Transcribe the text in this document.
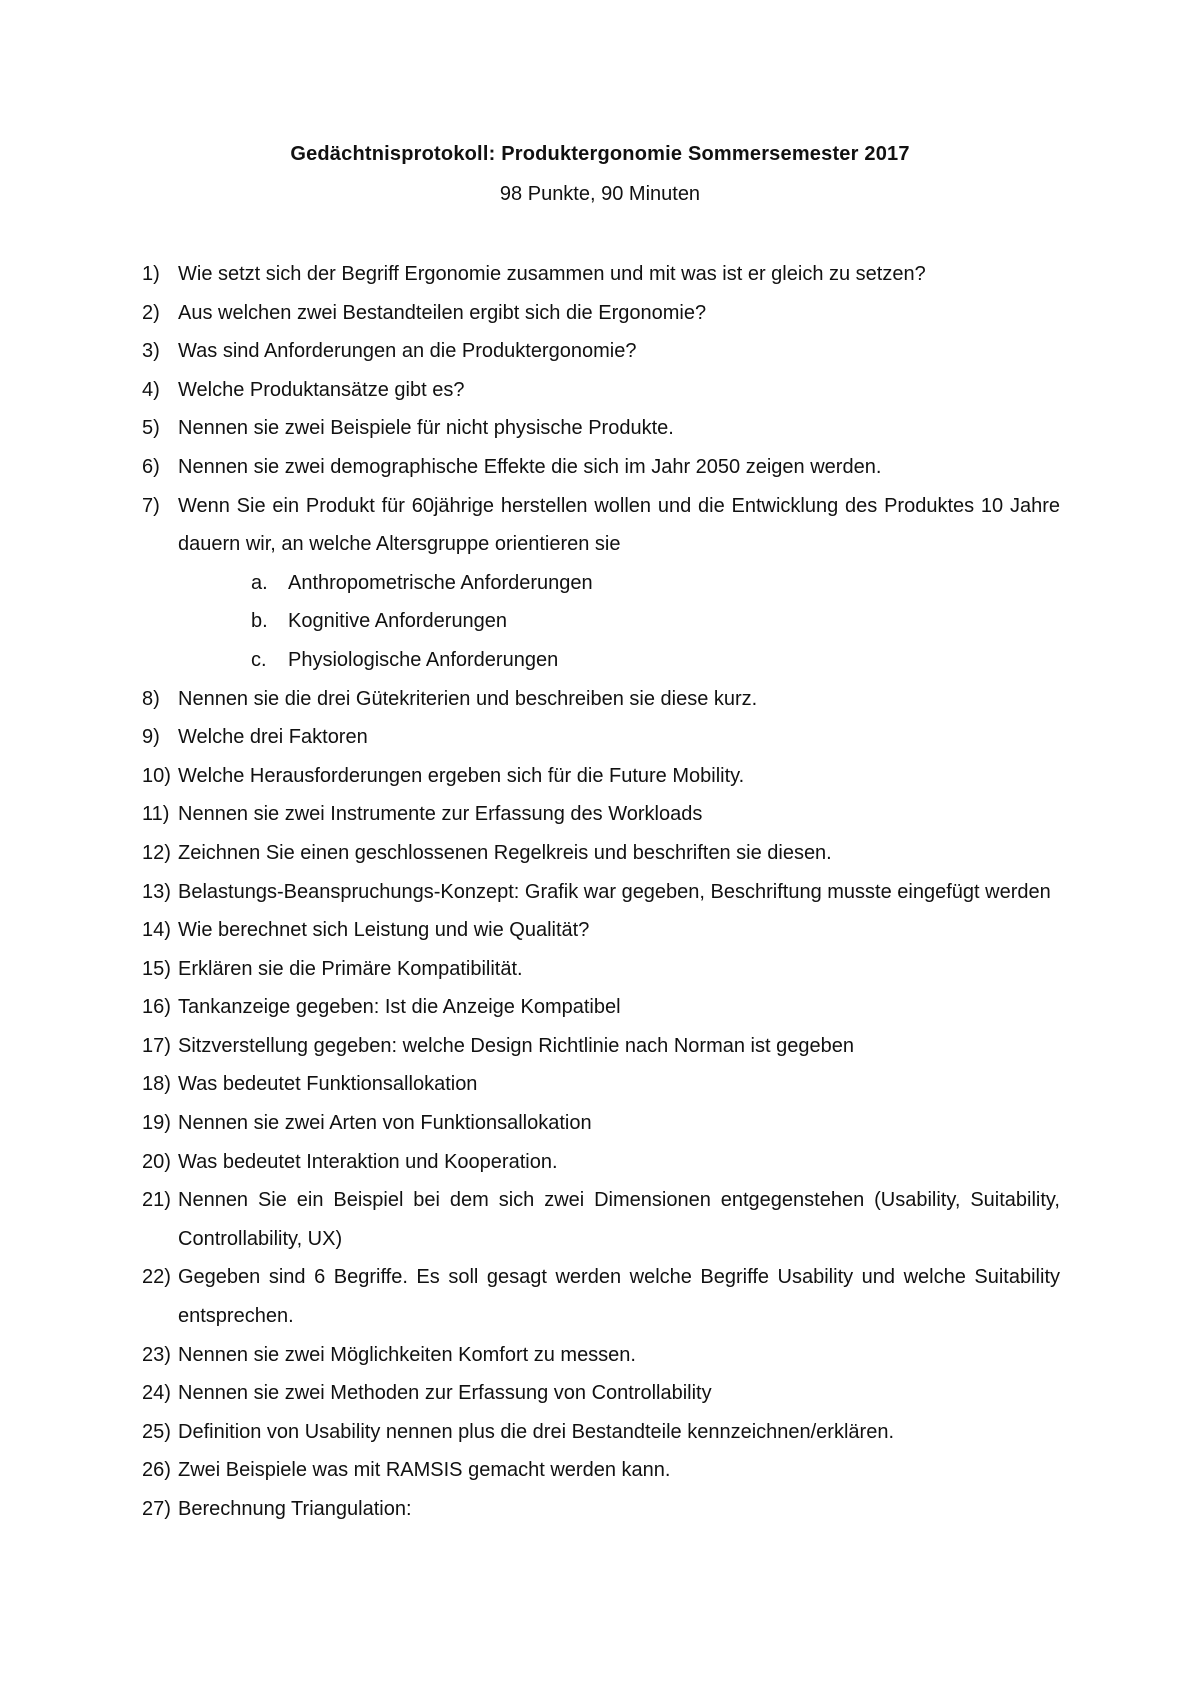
Gedächtnisprotokoll: Produktergonomie Sommersemester 2017
98 Punkte, 90 Minuten
1) Wie setzt sich der Begriff Ergonomie zusammen und mit was ist er gleich zu setzen?
2) Aus welchen zwei Bestandteilen ergibt sich die Ergonomie?
3) Was sind Anforderungen an die Produktergonomie?
4) Welche Produktansätze gibt es?
5) Nennen sie zwei Beispiele für nicht physische Produkte.
6) Nennen sie zwei demographische Effekte die sich im Jahr 2050 zeigen werden.
7) Wenn Sie ein Produkt für 60jährige herstellen wollen und die Entwicklung des Produktes 10 Jahre dauern wir, an welche Altersgruppe orientieren sie
a. Anthropometrische Anforderungen
b. Kognitive Anforderungen
c. Physiologische Anforderungen
8) Nennen sie die drei Gütekriterien und beschreiben sie diese kurz.
9) Welche drei Faktoren
10) Welche Herausforderungen ergeben sich für die Future Mobility.
11) Nennen sie zwei Instrumente zur Erfassung des Workloads
12) Zeichnen Sie einen geschlossenen Regelkreis und beschriften sie diesen.
13) Belastungs-Beanspruchungs-Konzept: Grafik war gegeben, Beschriftung musste eingefügt werden
14) Wie berechnet sich Leistung und wie Qualität?
15) Erklären sie die Primäre Kompatibilität.
16) Tankanzeige gegeben: Ist die Anzeige Kompatibel
17) Sitzverstellung gegeben: welche Design Richtlinie nach Norman ist gegeben
18) Was bedeutet Funktionsallokation
19) Nennen sie zwei Arten von Funktionsallokation
20) Was bedeutet Interaktion und Kooperation.
21) Nennen Sie ein Beispiel bei dem sich zwei Dimensionen entgegenstehen (Usability, Suitability, Controllability, UX)
22) Gegeben sind 6 Begriffe. Es soll gesagt werden welche Begriffe Usability und welche Suitability entsprechen.
23) Nennen sie zwei Möglichkeiten Komfort zu messen.
24) Nennen sie zwei Methoden zur Erfassung von Controllability
25) Definition von Usability nennen plus die drei Bestandteile kennzeichnen/erklären.
26) Zwei Beispiele was mit RAMSIS gemacht werden kann.
27) Berechnung Triangulation:
